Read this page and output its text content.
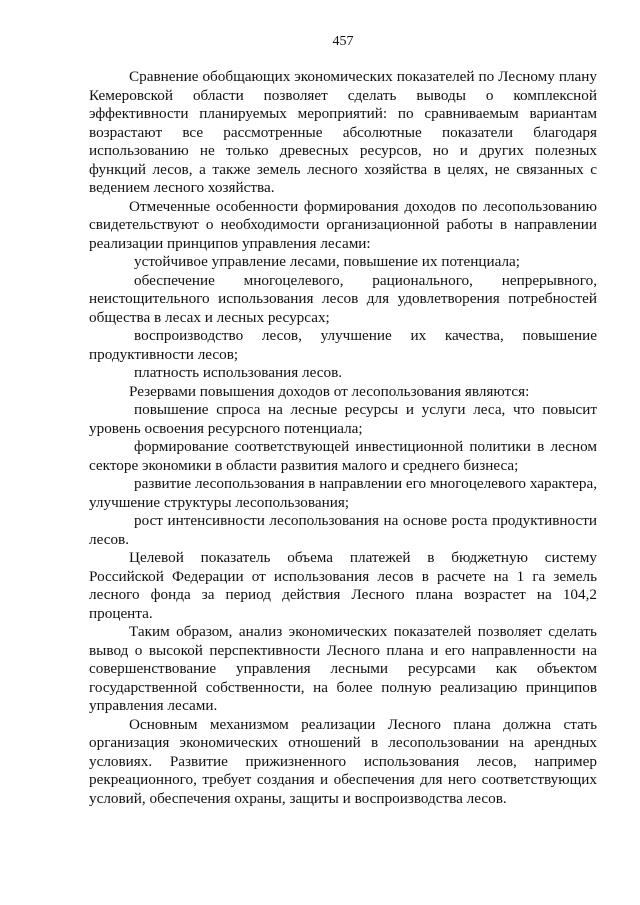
457

Сравнение обобщающих экономических показателей по Лесному плану Кемеровской области позволяет сделать выводы о комплексной эффективности планируемых мероприятий: по сравниваемым вариантам возрастают все рассмотренные абсолютные показатели благодаря использованию не только древесных ресурсов, но и других полезных функций лесов, а также земель лесного хозяйства в целях, не связанных с ведением лесного хозяйства.

Отмеченные особенности формирования доходов по лесопользованию свидетельствуют о необходимости организационной работы в направлении реализации принципов управления лесами:

устойчивое управление лесами, повышение их потенциала;

обеспечение многоцелевого, рационального, непрерывного, неистощительного использования лесов для удовлетворения потребностей общества в лесах и лесных ресурсах;

воспроизводство лесов, улучшение их качества, повышение продуктивности лесов;

платность использования лесов.

Резервами повышения доходов от лесопользования являются:

повышение спроса на лесные ресурсы и услуги леса, что повысит уровень освоения ресурсного потенциала;

формирование соответствующей инвестиционной политики в лесном секторе экономики в области развития малого и среднего бизнеса;

развитие лесопользования в направлении его многоцелевого характера, улучшение структуры лесопользования;

рост интенсивности лесопользования на основе роста продуктивности лесов.

Целевой показатель объема платежей в бюджетную систему Российской Федерации от использования лесов в расчете на 1 га земель лесного фонда за период действия Лесного плана возрастет на 104,2 процента.

Таким образом, анализ экономических показателей позволяет сделать вывод о высокой перспективности Лесного плана и его направленности на совершенствование управления лесными ресурсами как объектом государственной собственности, на более полную реализацию принципов управления лесами.

Основным механизмом реализации Лесного плана должна стать организация экономических отношений в лесопользовании на арендных условиях. Развитие прижизненного использования лесов, например рекреационного, требует создания и обеспечения для него соответствующих условий, обеспечения охраны, защиты и воспроизводства лесов.
